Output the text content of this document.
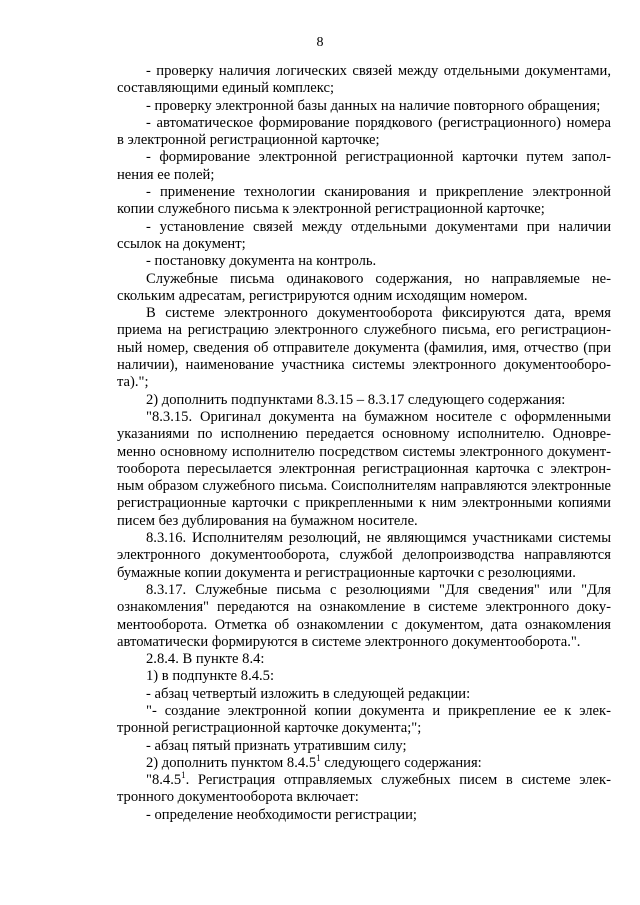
8

- проверку наличия логических связей между отдельными документами, составляющими единый комплекс;

- проверку электронной базы данных на наличие повторного обращения;

- автоматическое формирование порядкового (регистрационного) номера в электронной регистрационной карточке;

- формирование электронной регистрационной карточки путем заполнения ее полей;

- применение технологии сканирования и прикрепление электронной копии служебного письма к электронной регистрационной карточке;

- установление связей между отдельными документами при наличии ссылок на документ;

- постановку документа на контроль.

Служебные письма одинакового содержания, но направляемые нескольким адресатам, регистрируются одним исходящим номером.

В системе электронного документооборота фиксируются дата, время приема на регистрацию электронного служебного письма, его регистрационный номер, сведения об отправителе документа (фамилия, имя, отчество (при наличии), наименование участника системы электронного документооборота).";

2) дополнить подпунктами 8.3.15 – 8.3.17 следующего содержания:

"8.3.15. Оригинал документа на бумажном носителе с оформленными указаниями по исполнению передается основному исполнителю. Одновременно основному исполнителю посредством системы электронного документтооборота пересылается электронная регистрационная карточка с электронным образом служебного письма. Соисполнителям направляются электронные регистрационные карточки с прикрепленными к ним электронными копиями писем без дублирования на бумажном носителе.

8.3.16. Исполнителям резолюций, не являющимся участниками системы электронного документооборота, службой делопроизводства направляются бумажные копии документа и регистрационные карточки с резолюциями.

8.3.17. Служебные письма с резолюциями "Для сведения" или "Для ознакомления" передаются на ознакомление в системе электронного документооборота. Отметка об ознакомлении с документом, дата ознакомления автоматически формируются в системе электронного документооборота.".

2.8.4. В пункте 8.4:

1) в подпункте 8.4.5:

- абзац четвертый изложить в следующей редакции:

"- создание электронной копии документа и прикрепление ее к электронной регистрационной карточке документа;";

- абзац пятый признать утратившим силу;

2) дополнить пунктом 8.4.5$^1$ следующего содержания:

"8.4.5$^1$. Регистрация отправляемых служебных писем в системе электронного документооборота включает:

- определение необходимости регистрации;
